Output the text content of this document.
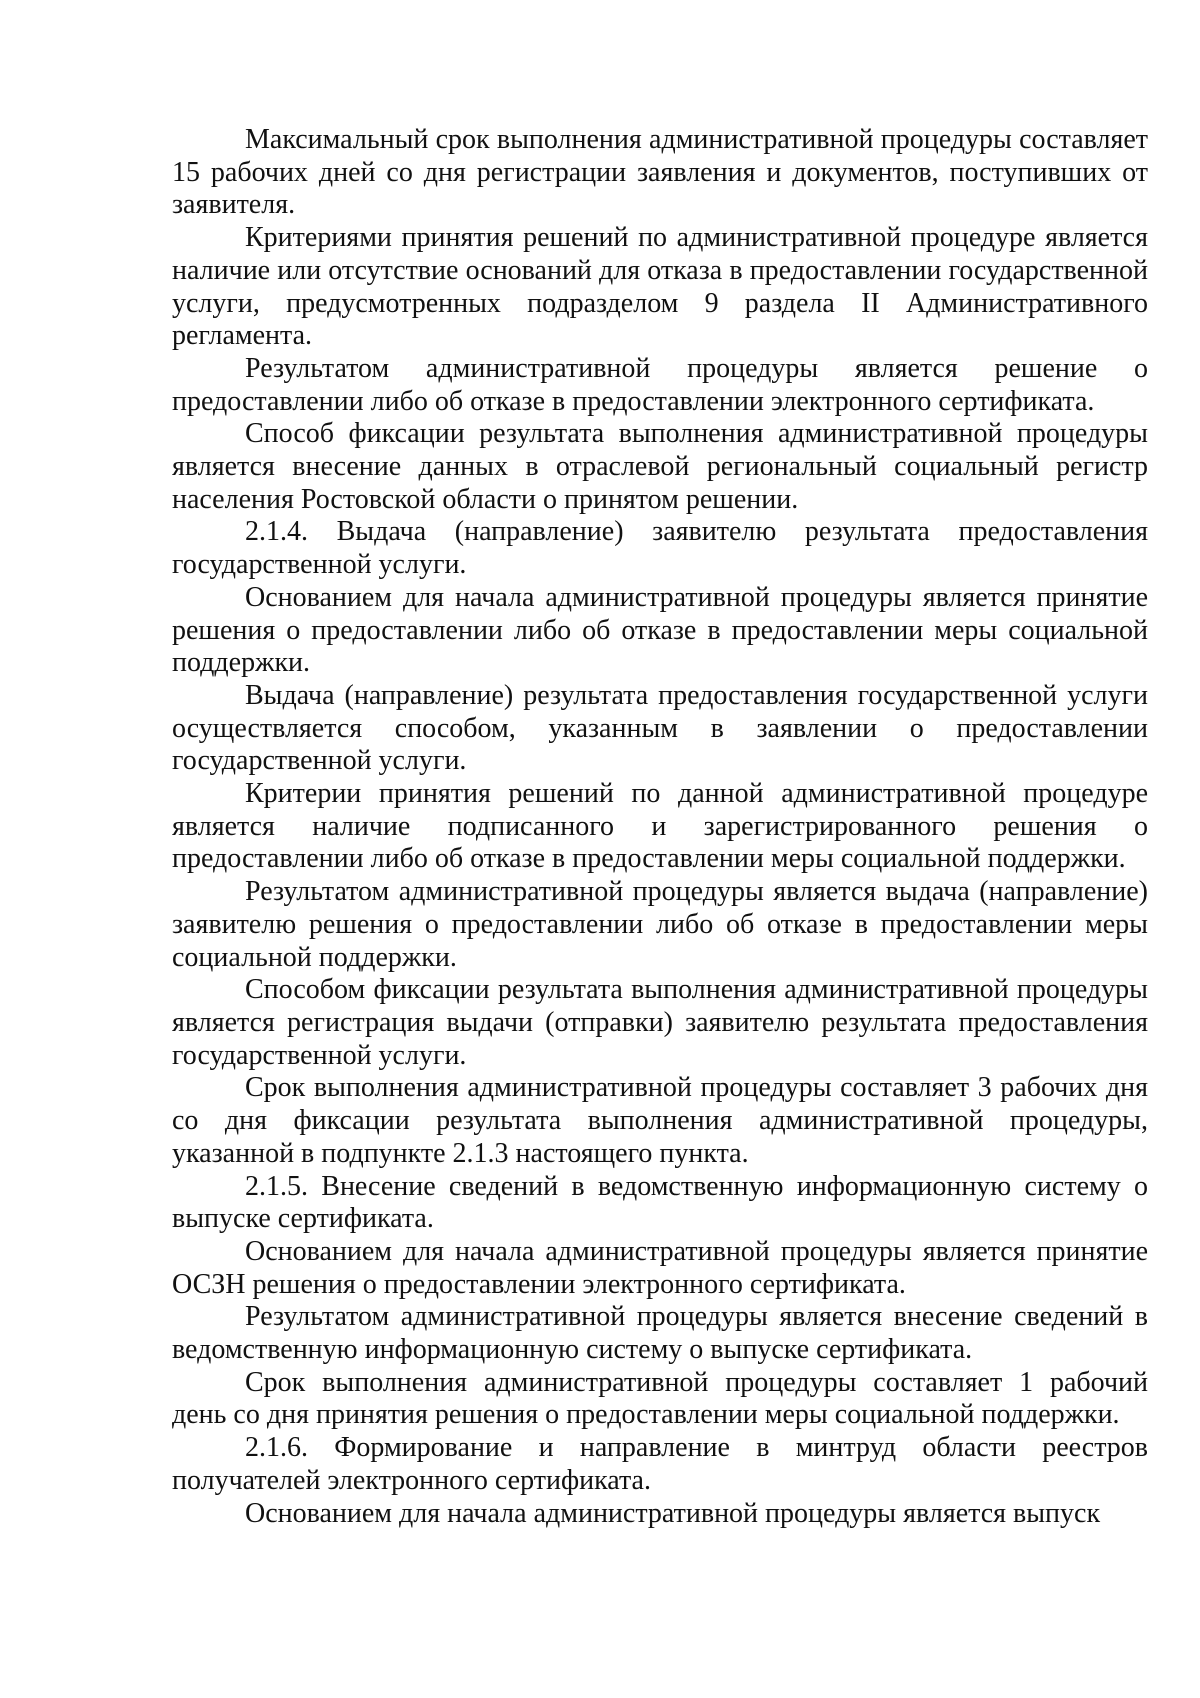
Максимальный срок выполнения административной процедуры составляет 15 рабочих дней со дня регистрации заявления и документов, поступивших от заявителя.

Критериями принятия решений по административной процедуре является наличие или отсутствие оснований для отказа в предоставлении государственной услуги, предусмотренных подразделом 9 раздела II Административного регламента.

Результатом административной процедуры является решение о предоставлении либо об отказе в предоставлении электронного сертификата.

Способ фиксации результата выполнения административной процедуры является внесение данных в отраслевой региональный социальный регистр населения Ростовской области о принятом решении.

2.1.4. Выдача (направление) заявителю результата предоставления государственной услуги.

Основанием для начала административной процедуры является принятие решения о предоставлении либо об отказе в предоставлении меры социальной поддержки.

Выдача (направление) результата предоставления государственной услуги осуществляется способом, указанным в заявлении о предоставлении государственной услуги.

Критерии принятия решений по данной административной процедуре является наличие подписанного и зарегистрированного решения о предоставлении либо об отказе в предоставлении меры социальной поддержки.

Результатом административной процедуры является выдача (направление) заявителю решения о предоставлении либо об отказе в предоставлении меры социальной поддержки.

Способом фиксации результата выполнения административной процедуры является регистрация выдачи (отправки) заявителю результата предоставления государственной услуги.

Срок выполнения административной процедуры составляет 3 рабочих дня со дня фиксации результата выполнения административной процедуры, указанной в подпункте 2.1.3 настоящего пункта.

2.1.5. Внесение сведений в ведомственную информационную систему о выпуске сертификата.

Основанием для начала административной процедуры является принятие ОСЗН решения о предоставлении электронного сертификата.

Результатом административной процедуры является внесение сведений в ведомственную информационную систему о выпуске сертификата.

Срок выполнения административной процедуры составляет 1 рабочий день со дня принятия решения о предоставлении меры социальной поддержки.

2.1.6. Формирование и направление в минтруд области реестров получателей электронного сертификата.

Основанием для начала административной процедуры является выпуск
